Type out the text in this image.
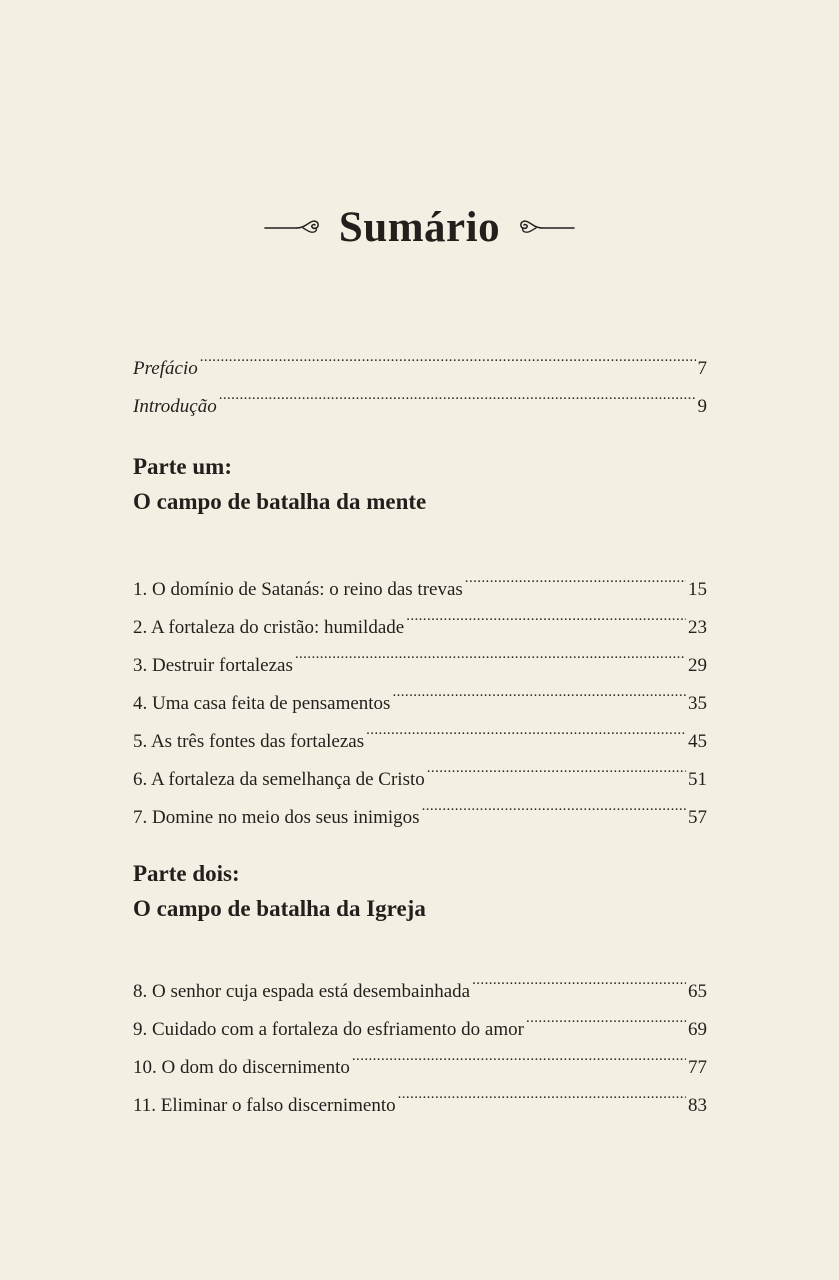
Sumário
Prefácio .....	7
Introdução .....	9
Parte um:
O campo de batalha da mente
1. O domínio de Satanás: o reino das trevas .....	15
2. A fortaleza do cristão: humildade .....	23
3. Destruir fortalezas .....	29
4. Uma casa feita de pensamentos .....	35
5. As três fontes das fortalezas .....	45
6. A fortaleza da semelhança de Cristo .....	51
7. Domine no meio dos seus inimigos .....	57
Parte dois:
O campo de batalha da Igreja
8. O senhor cuja espada está desembainhada .....	65
9. Cuidado com a fortaleza do esfriamento do amor .....	69
10. O dom do discernimento .....	77
11. Eliminar o falso discernimento .....	83
